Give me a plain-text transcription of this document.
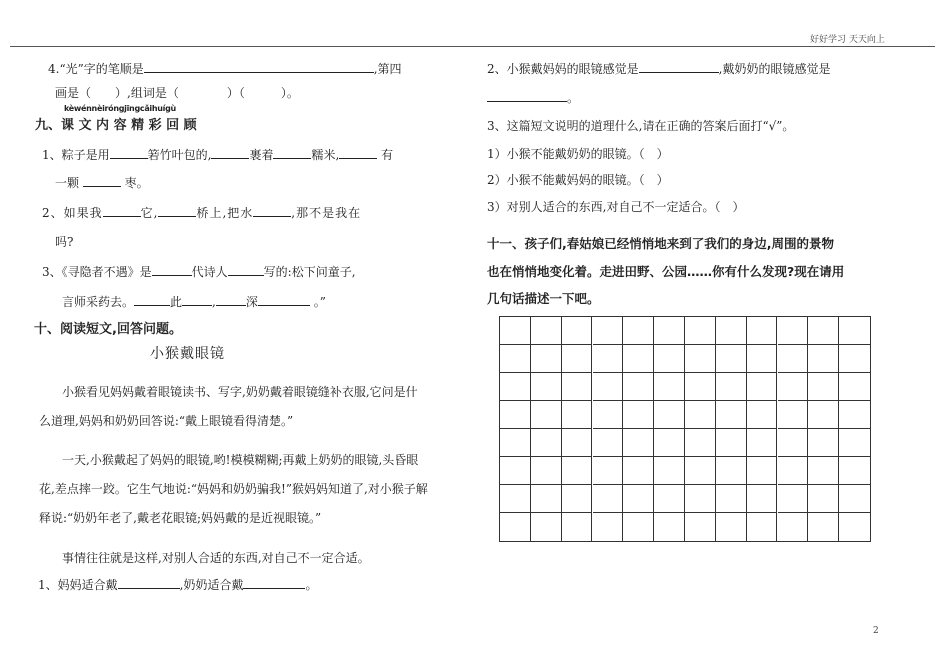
好好学习 天天向上
4.“光”字的笔顺是	,第四
画是（　　）,组词是（　　　　）（　　　）。
kèwénnèiróngjīngcǎihuígù
九、课 文 内 容 精 彩 回 顾
1、粽子是用	箬竹叶包的,	裹着	糯米,	有
一颗	枣。
2、如果我	它,	桥上,把水	,那不是我在
吗?
3、《寻隐者不遇》是	代诗人	写的:松下问童子,
言师采药去。	此	,	深	。”
十、阅读短文,回答问题。
小猴戴眼镜
小猴看见妈妈戴着眼镜读书、写字,奶奶戴着眼镜缝补衣服,它问是什
么道理,妈妈和奶奶回答说:“戴上眼镜看得清楚。”
一天,小猴戴起了妈妈的眼镜,哟!模模糊糊;再戴上奶奶的眼镜,头昏眼
花,差点摔一跤。它生气地说:“妈妈和奶奶骗我!”猴妈妈知道了,对小猴子解
释说:“奶奶年老了,戴老花眼镜;妈妈戴的是近视眼镜。”
事情往往就是这样,对别人合适的东西,对自己不一定合适。
1、妈妈适合戴	,奶奶适合戴	。
2、小猴戴妈妈的眼镜感觉是	,戴奶奶的眼镜感觉是
。
3、这篇短文说明的道理什么,请在正确的答案后面打“√”。
1）小猴不能戴奶奶的眼镜。（　）
2）小猴不能戴妈妈的眼镜。（　）
3）对别人适合的东西,对自己不一定适合。（　）
十一、孩子们,春姑娘已经悄悄地来到了我们的身边,周围的景物
也在悄悄地变化着。走进田野、公园……你有什么发现?现在请用
几句话描述一下吧。
2
